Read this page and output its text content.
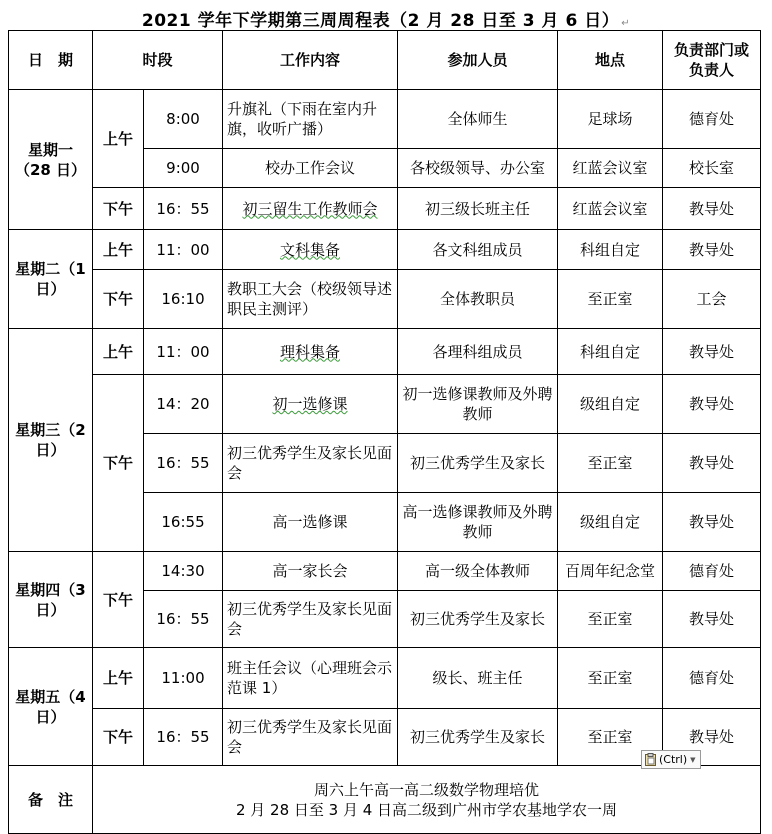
2021 学年下学期第三周周程表（2 月 28 日至 3 月 6 日） ↵
日　期	时段		工作内容	参加人员	地点	负责部门或负责人
星期一（28 日）	上午	8:00	升旗礼（下雨在室内升旗，收听广播）	全体师生	足球场	德育处
		9:00	校办工作会议	各校级领导、办公室	红蓝会议室	校长室
	下午	16：55	初三留生工作教师会	初三级长班主任	红蓝会议室	教导处
星期二（1 日）	上午	11：00	文科集备	各文科组成员	科组自定	教导处
	下午	16:10	教职工大会（校级领导述职民主测评）	全体教职员	至正室	工会
星期三（2 日）	上午	11：00	理科集备	各理科组成员	科组自定	教导处
	下午	14：20	初一选修课	初一选修课教师及外聘教师	级组自定	教导处
		16：55	初三优秀学生及家长见面会	初三优秀学生及家长	至正室	教导处
		16:55	高一选修课	高一选修课教师及外聘教师	级组自定	教导处
星期四（3 日）	下午	14:30	高一家长会	高一级全体教师	百周年纪念堂	德育处
		16：55	初三优秀学生及家长见面会	初三优秀学生及家长	至正室	教导处
星期五（4 日）	上午	11:00	班主任会议（心理班会示范课 1）	级长、班主任	至正室	德育处
	下午	16：55	初三优秀学生及家长见面会	初三优秀学生及家长	至正室	教导处
备　注	周六上午高一高二级数学物理培优
2 月 28 日至 3 月 4 日高二级到广州市学农基地学农一周					
(Ctrl) ▼
